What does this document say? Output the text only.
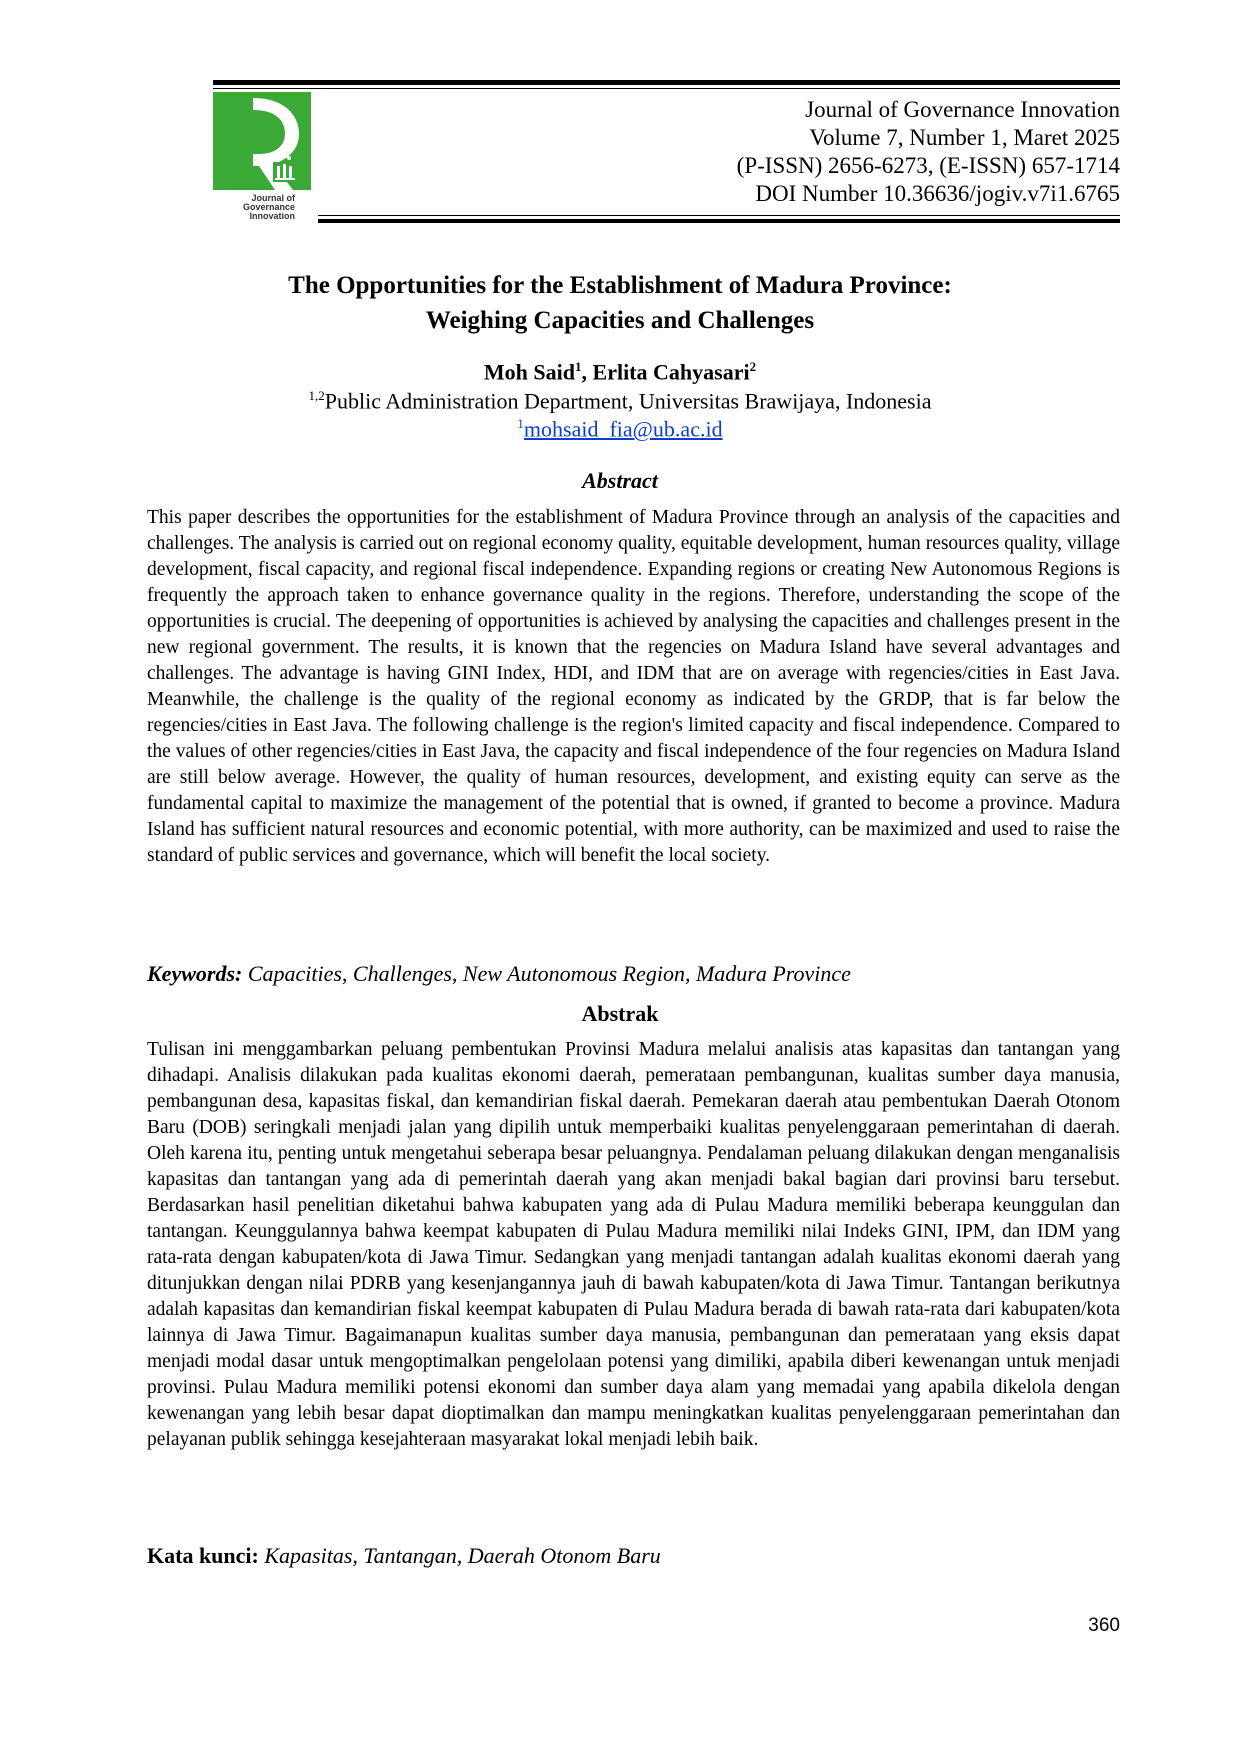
Journal of
Governance
Innovation
Journal of Governance Innovation
Volume 7, Number 1, Maret 2025
(P-ISSN) 2656-6273, (E-ISSN) 657-1714
DOI Number 10.36636/jogiv.v7i1.6765
The Opportunities for the Establishment of Madura Province:
Weighing Capacities and Challenges
Moh Said$^1$, Erlita Cahyasari$^2$
$^{1,2}$Public Administration Department, Universitas Brawijaya, Indonesia
$^1$mohsaid_fia@ub.ac.id
Abstract

This paper describes the opportunities for the establishment of Madura Province through an analysis of the capacities and challenges. The analysis is carried out on regional economy quality, equitable development, human resources quality, village development, fiscal capacity, and regional fiscal independence. Expanding regions or creating New Autonomous Regions is frequently the approach taken to enhance governance quality in the regions. Therefore, understanding the scope of the opportunities is crucial. The deepening of opportunities is achieved by analysing the capacities and challenges present in the new regional government. The results, it is known that the regencies on Madura Island have several advantages and challenges. The advantage is having GINI Index, HDI, and IDM that are on average with regencies/cities in East Java. Meanwhile, the challenge is the quality of the regional economy as indicated by the GRDP, that is far below the regencies/cities in East Java. The following challenge is the region's limited capacity and fiscal independence. Compared to the values of other regencies/cities in East Java, the capacity and fiscal independence of the four regencies on Madura Island are still below average. However, the quality of human resources, development, and existing equity can serve as the fundamental capital to maximize the management of the potential that is owned, if granted to become a province. Madura Island has sufficient natural resources and economic potential, with more authority, can be maximized and used to raise the standard of public services and governance, which will benefit the local society.

Keywords: Capacities, Challenges, New Autonomous Region, Madura Province

Abstrak

Tulisan ini menggambarkan peluang pembentukan Provinsi Madura melalui analisis atas kapasitas dan tantangan yang dihadapi. Analisis dilakukan pada kualitas ekonomi daerah, pemerataan pembangunan, kualitas sumber daya manusia, pembangunan desa, kapasitas fiskal, dan kemandirian fiskal daerah. Pemekaran daerah atau pembentukan Daerah Otonom Baru (DOB) seringkali menjadi jalan yang dipilih untuk memperbaiki kualitas penyelenggaraan pemerintahan di daerah. Oleh karena itu, penting untuk mengetahui seberapa besar peluangnya. Pendalaman peluang dilakukan dengan menganalisis kapasitas dan tantangan yang ada di pemerintah daerah yang akan menjadi bakal bagian dari provinsi baru tersebut. Berdasarkan hasil penelitian diketahui bahwa kabupaten yang ada di Pulau Madura memiliki beberapa keunggulan dan tantangan. Keunggulannya bahwa keempat kabupaten di Pulau Madura memiliki nilai Indeks GINI, IPM, dan IDM yang rata-rata dengan kabupaten/kota di Jawa Timur. Sedangkan yang menjadi tantangan adalah kualitas ekonomi daerah yang ditunjukkan dengan nilai PDRB yang kesenjangannya jauh di bawah kabupaten/kota di Jawa Timur. Tantangan berikutnya adalah kapasitas dan kemandirian fiskal keempat kabupaten di Pulau Madura berada di bawah rata-rata dari kabupaten/kota lainnya di Jawa Timur. Bagaimanapun kualitas sumber daya manusia, pembangunan dan pemerataan yang eksis dapat menjadi modal dasar untuk mengoptimalkan pengelolaan potensi yang dimiliki, apabila diberi kewenangan untuk menjadi provinsi. Pulau Madura memiliki potensi ekonomi dan sumber daya alam yang memadai yang apabila dikelola dengan kewenangan yang lebih besar dapat dioptimalkan dan mampu meningkatkan kualitas penyelenggaraan pemerintahan dan pelayanan publik sehingga kesejahteraan masyarakat lokal menjadi lebih baik.

Kata kunci: Kapasitas, Tantangan, Daerah Otonom Baru

360
